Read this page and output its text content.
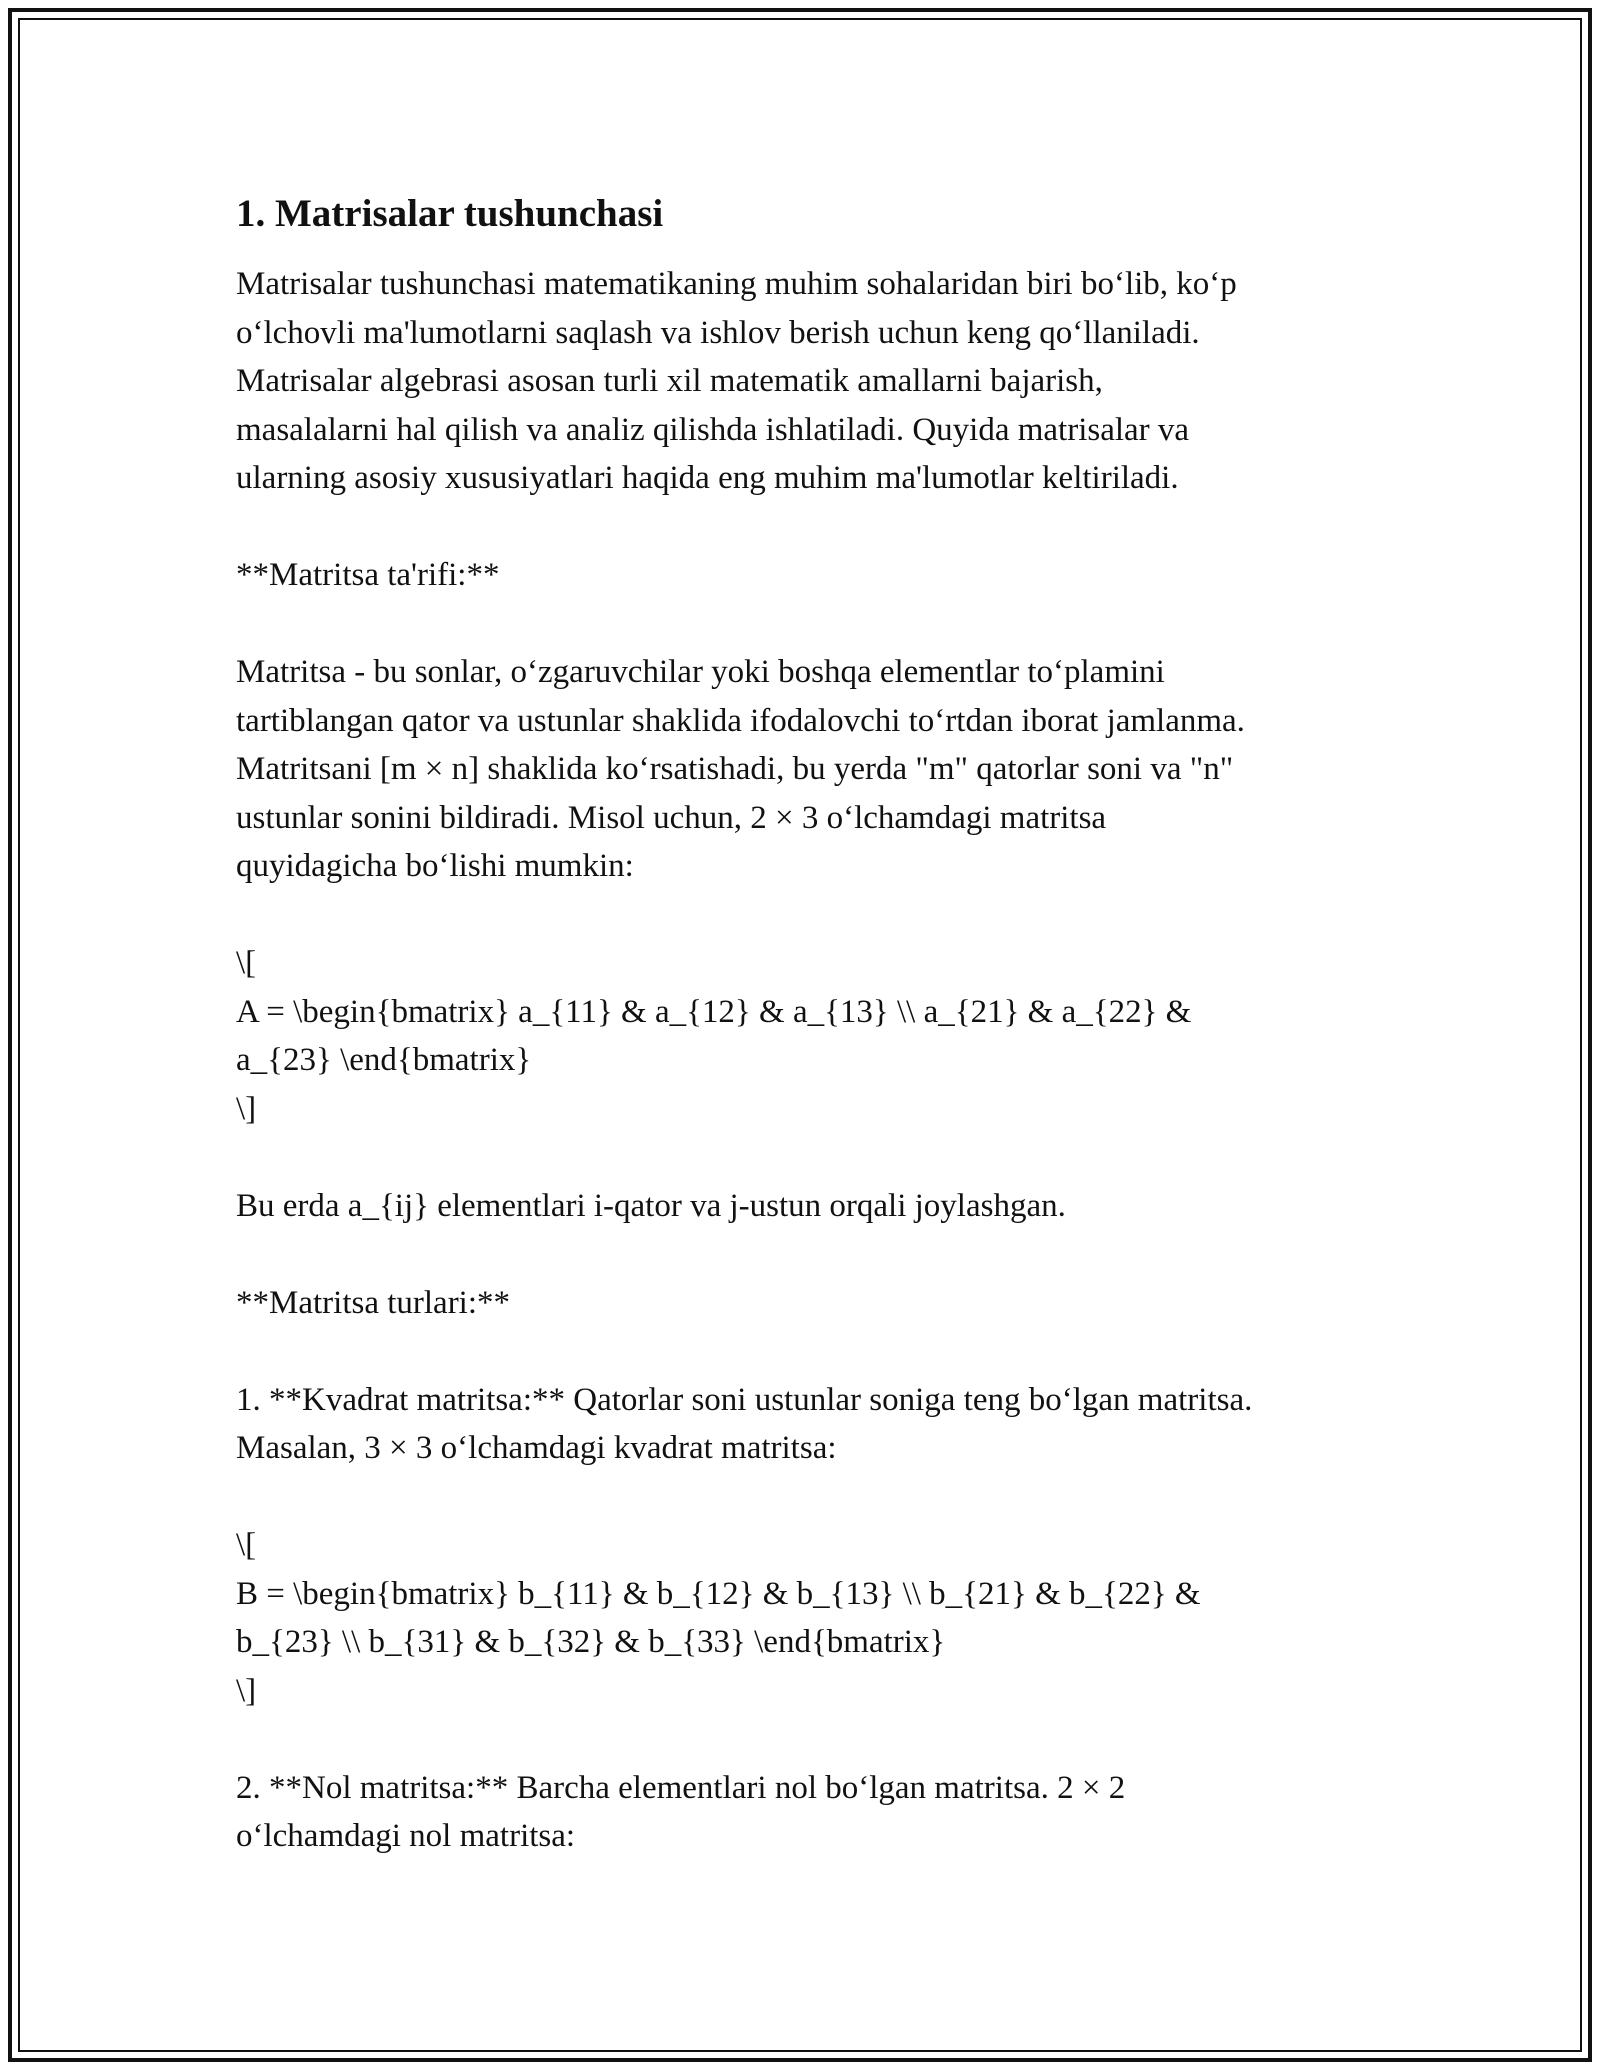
1. Matrisalar tushunchasi

Matrisalar tushunchasi matematikaning muhim sohalaridan biri bo‘lib, ko‘p
o‘lchovli ma'lumotlarni saqlash va ishlov berish uchun keng qo‘llaniladi.
Matrisalar algebrasi asosan turli xil matematik amallarni bajarish,
masalalarni hal qilish va analiz qilishda ishlatiladi. Quyida matrisalar va
ularning asosiy xususiyatlari haqida eng muhim ma'lumotlar keltiriladi.

**Matritsa ta'rifi:**

Matritsa - bu sonlar, o‘zgaruvchilar yoki boshqa elementlar to‘plamini
tartiblangan qator va ustunlar shaklida ifodalovchi to‘rtdan iborat jamlanma.
Matritsani [m × n] shaklida ko‘rsatishadi, bu yerda "m" qatorlar soni va "n"
ustunlar sonini bildiradi. Misol uchun, 2 × 3 o‘lchamdagi matritsa
quyidagicha bo‘lishi mumkin:

\[
A = \begin{bmatrix} a_{11} & a_{12} & a_{13} \\ a_{21} & a_{22} &
a_{23} \end{bmatrix}
\]

Bu erda a_{ij} elementlari i-qator va j-ustun orqali joylashgan.

**Matritsa turlari:**

1. **Kvadrat matritsa:** Qatorlar soni ustunlar soniga teng bo‘lgan matritsa.
Masalan, 3 × 3 o‘lchamdagi kvadrat matritsa:

\[
B = \begin{bmatrix} b_{11} & b_{12} & b_{13} \\ b_{21} & b_{22} &
b_{23} \\ b_{31} & b_{32} & b_{33} \end{bmatrix}
\]

2. **Nol matritsa:** Barcha elementlari nol bo‘lgan matritsa. 2 × 2
o‘lchamdagi nol matritsa:
